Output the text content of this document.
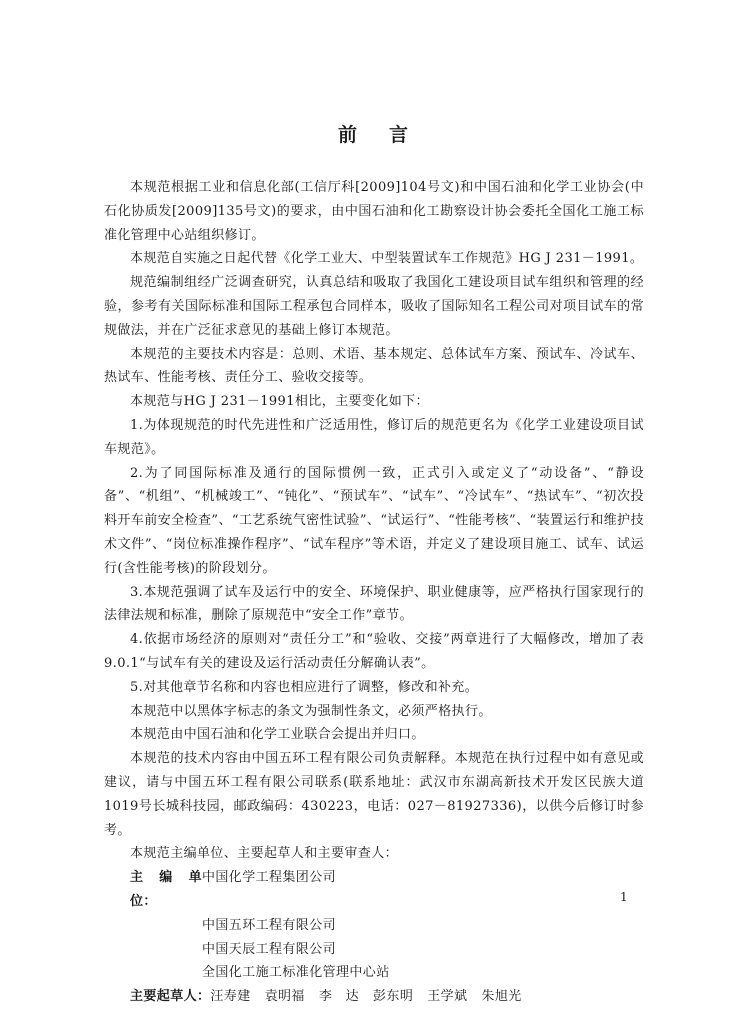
前 言

本规范根据工业和信息化部(工信厅科[2009]104号文)和中国石油和化学工业协会(中石化协质发[2009]135号文)的要求，由中国石油和化工勘察设计协会委托全国化工施工标准化管理中心站组织修订。

本规范自实施之日起代替《化学工业大、中型装置试车工作规范》HG J 231－1991。

规范编制组经广泛调查研究，认真总结和吸取了我国化工建设项目试车组织和管理的经验，参考有关国际标准和国际工程承包合同样本，吸收了国际知名工程公司对项目试车的常规做法，并在广泛征求意见的基础上修订本规范。

本规范的主要技术内容是：总则、术语、基本规定、总体试车方案、预试车、冷试车、热试车、性能考核、责任分工、验收交接等。

本规范与HG J 231－1991相比，主要变化如下：

1.为体现规范的时代先进性和广泛适用性，修订后的规范更名为《化学工业建设项目试车规范》。

2.为了同国际标准及通行的国际惯例一致，正式引入或定义了“动设备”、“静设备”、“机组”、“机械竣工”、“钝化”、“预试车”、“试车”、“冷试车”、“热试车”、“初次投料开车前安全检查”、“工艺系统气密性试验”、“试运行”、“性能考核”、“装置运行和维护技术文件”、“岗位标准操作程序”、“试车程序”等术语，并定义了建设项目施工、试车、试运行(含性能考核)的阶段划分。

3.本规范强调了试车及运行中的安全、环境保护、职业健康等，应严格执行国家现行的法律法规和标准，删除了原规范中“安全工作”章节。

4.依据市场经济的原则对“责任分工”和“验收、交接”两章进行了大幅修改，增加了表9.0.1“与试车有关的建设及运行活动责任分解确认表”。

5.对其他章节名称和内容也相应进行了调整，修改和补充。

本规范中以黑体字标志的条文为强制性条文，必须严格执行。

本规范由中国石油和化学工业联合会提出并归口。

本规范的技术内容由中国五环工程有限公司负责解释。本规范在执行过程中如有意见或建议，请与中国五环工程有限公司联系(联系地址：武汉市东湖高新技术开发区民族大道1019号长城科技园，邮政编码：430223，电话：027－81927336)，以供今后修订时参考。

本规范主编单位、主要起草人和主要审查人：

主 编 单 位：
中国化学工程集团公司
中国五环工程有限公司
中国天辰工程有限公司
全国化工施工标准化管理中心站
主要起草人： 汪寿建 袁明福 李　达 彭东明 王学斌 朱旭光
1
